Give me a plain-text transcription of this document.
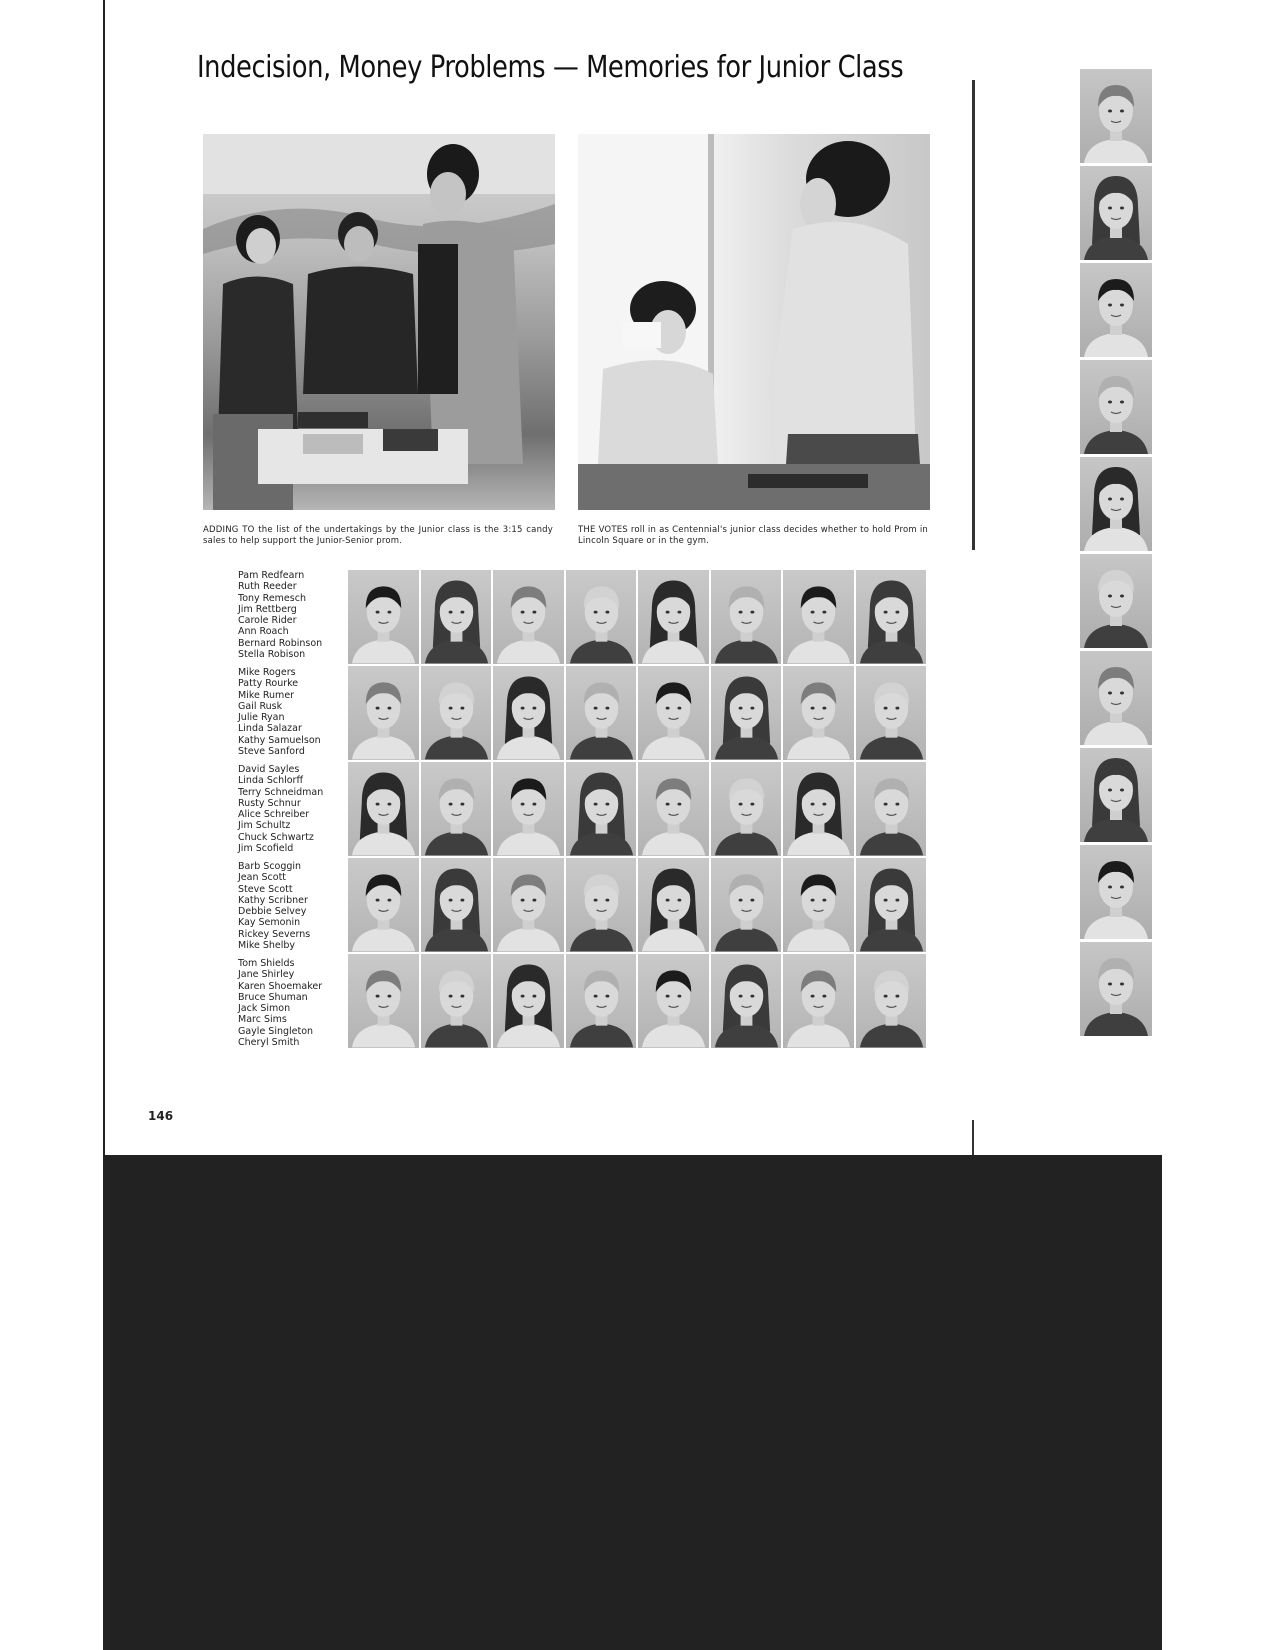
Indecision, Money Problems — Memories for Junior Class
ADDING TO the list of the undertakings by the Junior class is the 3:15 candy sales to help support the Junior-Senior prom.
THE VOTES roll in as Centennial's junior class decides whether to hold Prom in Lincoln Square or in the gym.
Pam Redfearn
Ruth Reeder
Tony Remesch
Jim Rettberg
Carole Rider
Ann Roach
Bernard Robinson
Stella Robison
Mike Rogers
Patty Rourke
Mike Rumer
Gail Rusk
Julie Ryan
Linda Salazar
Kathy Samuelson
Steve Sanford
David Sayles
Linda Schlorff
Terry Schneidman
Rusty Schnur
Alice Schreiber
Jim Schultz
Chuck Schwartz
Jim Scofield
Barb Scoggin
Jean Scott
Steve Scott
Kathy Scribner
Debbie Selvey
Kay Semonin
Rickey Severns
Mike Shelby
Tom Shields
Jane Shirley
Karen Shoemaker
Bruce Shuman
Jack Simon
Marc Sims
Gayle Singleton
Cheryl Smith
146
